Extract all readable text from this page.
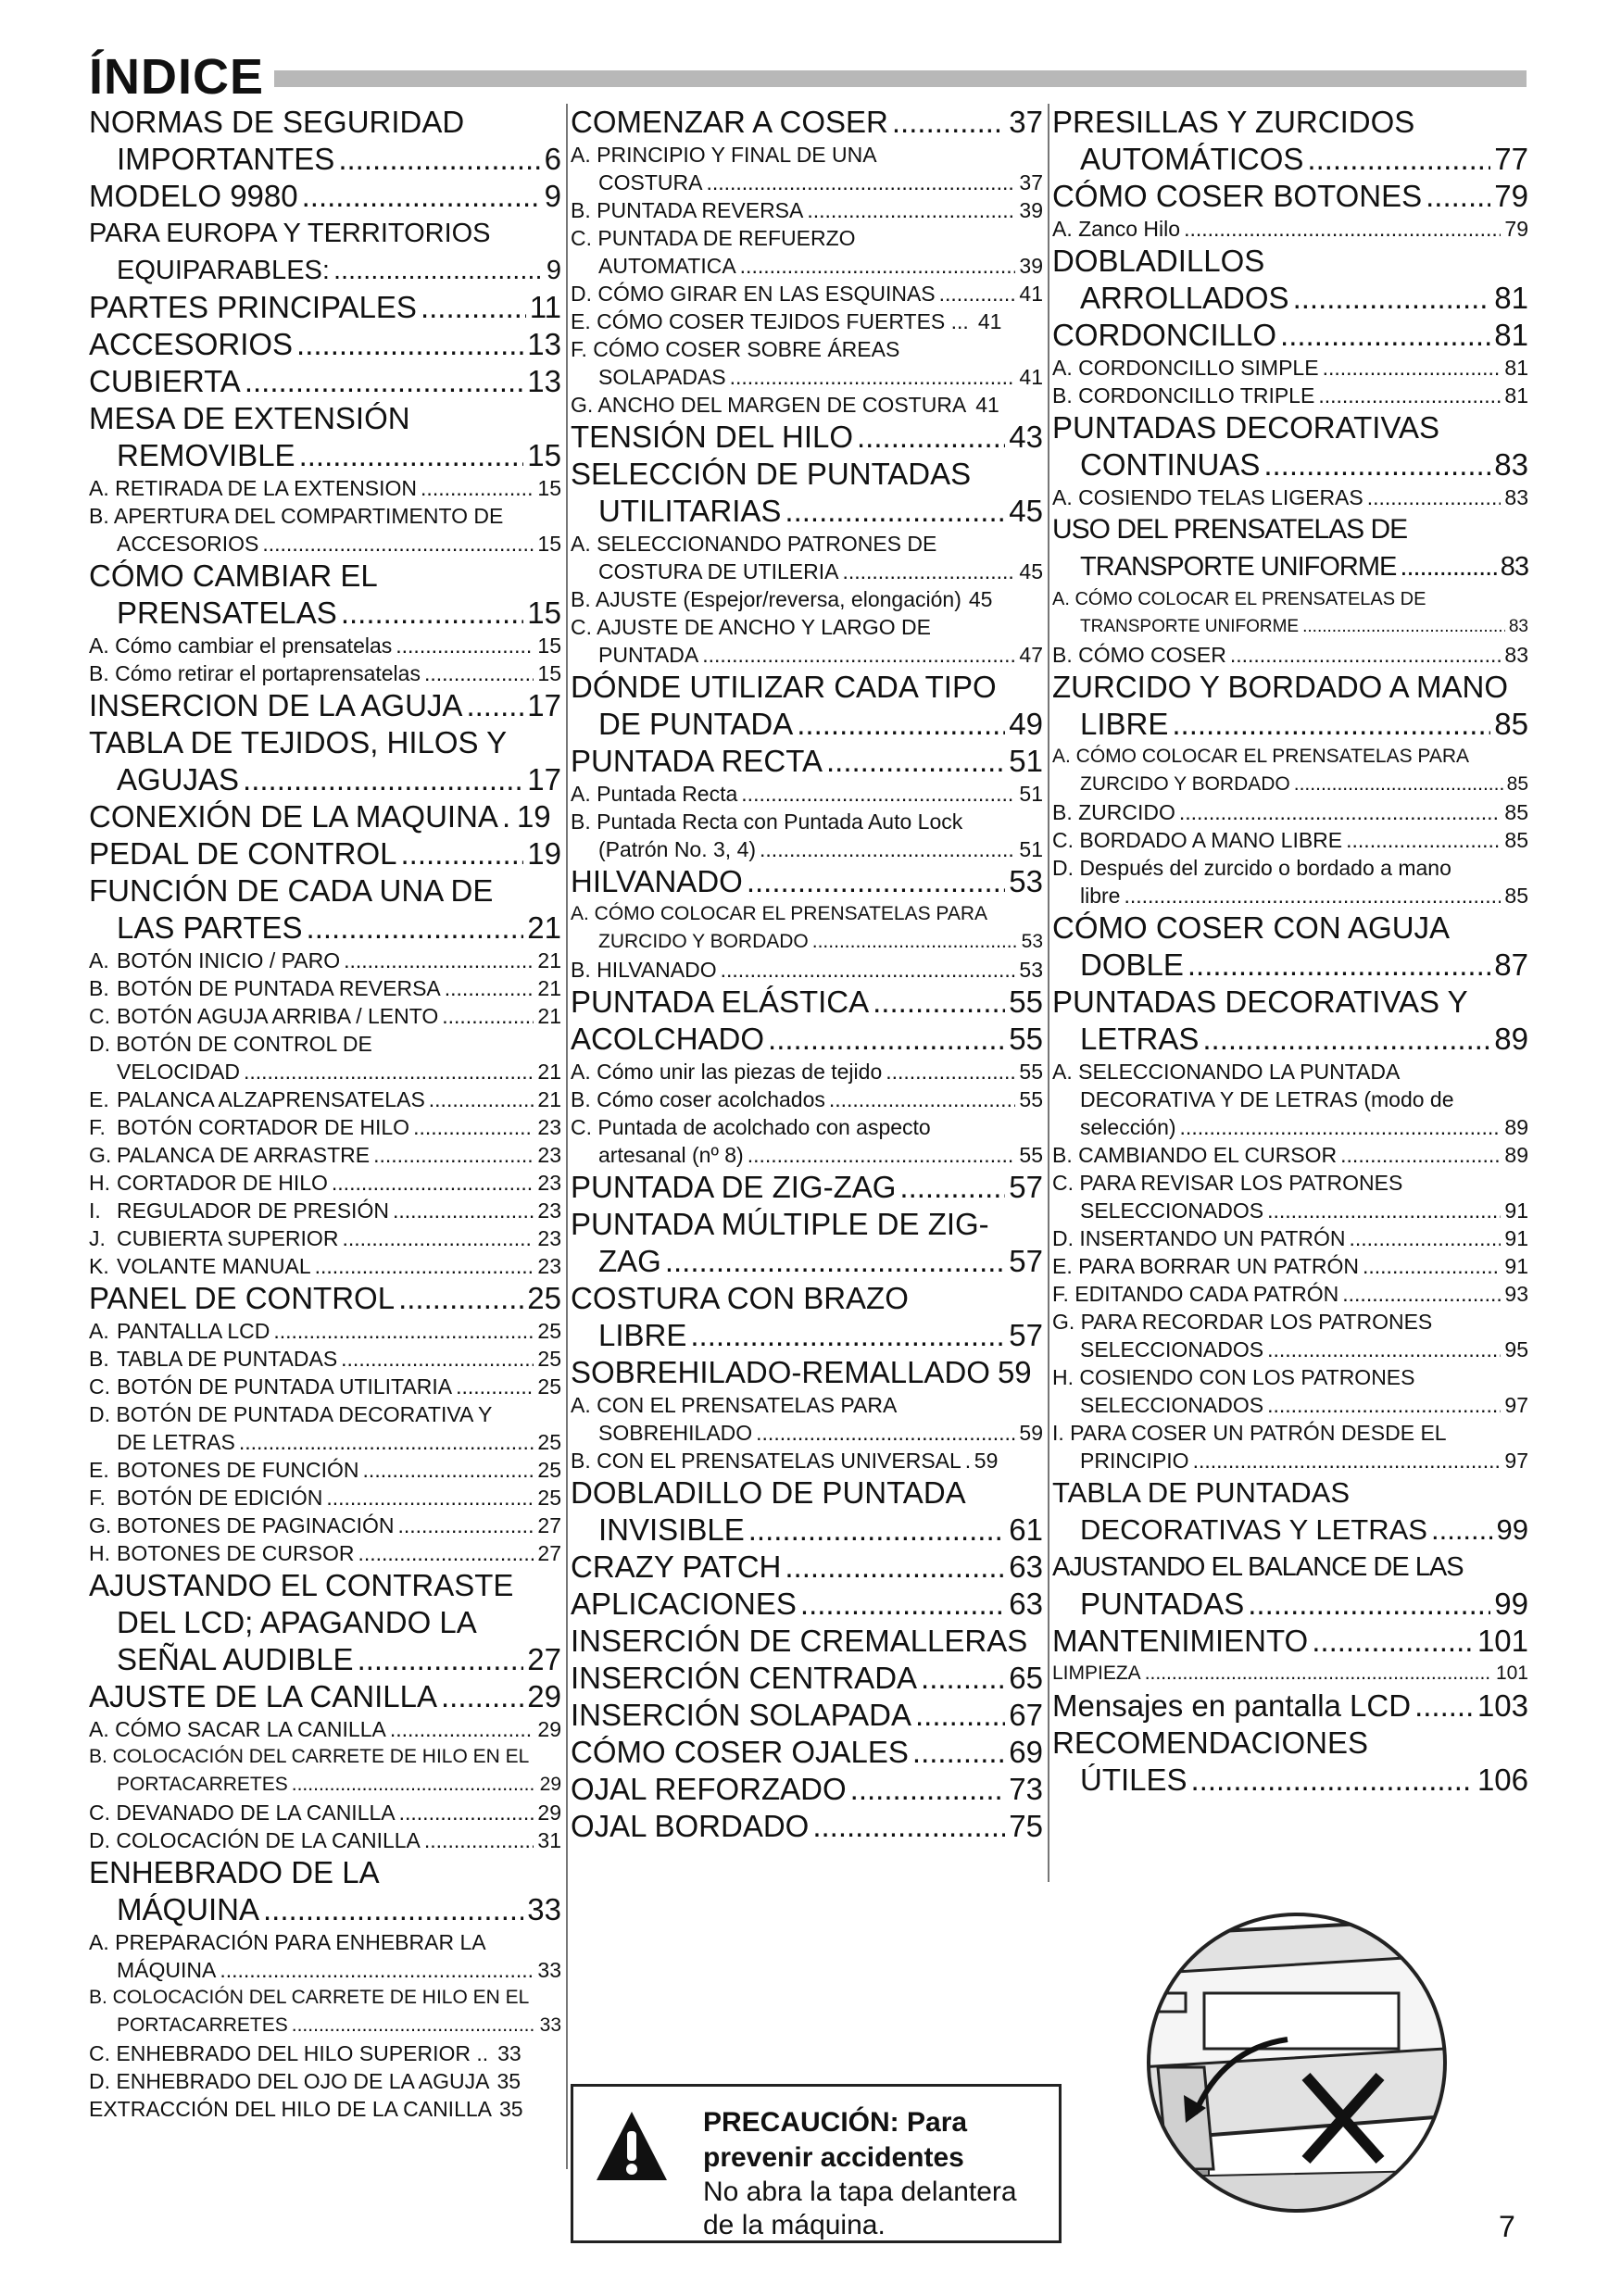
ÍNDICE
NORMAS DE SEGURIDAD
IMPORTANTES .....	6
MODELO 9980 .....	9
PARA EUROPA Y TERRITORIOS
EQUIPARABLES: .....	9
PARTES PRINCIPALES .....	11
ACCESORIOS .....	13
CUBIERTA .....	13
MESA DE EXTENSIÓN
REMOVIBLE .....	15
A. RETIRADA DE LA EXTENSION .....	15
B. APERTURA DEL COMPARTIMENTO DE
ACCESORIOS .....	15
CÓMO CAMBIAR EL
PRENSATELAS .....	15
A. Cómo cambiar el prensatelas .....	15
B. Cómo retirar el portaprensatelas .....	15
INSERCION DE LA AGUJA ..... 17
TABLA DE TEJIDOS, HILOS Y
AGUJAS .....	17
CONEXIÓN DE LA MAQUINA ..... 19
PEDAL DE CONTROL .....	19
FUNCIÓN DE CADA UNA DE
LAS PARTES .....	21
A. BOTÓN INICIO / PARO .....	21
B. BOTÓN DE PUNTADA REVERSA .....	21
C. BOTÓN AGUJA ARRIBA / LENTO .....	21
D. BOTÓN DE CONTROL DE
VELOCIDAD .....	21
E. PALANCA ALZAPRENSATELAS .....	21
F. BOTÓN CORTADOR DE HILO .....	23
G. PALANCA DE ARRASTRE .....	23
H. CORTADOR DE HILO .....	23
I. REGULADOR DE PRESIÓN .....	23
J. CUBIERTA SUPERIOR .....	23
K. VOLANTE MANUAL .....	23
PANEL DE CONTROL .....	25
A. PANTALLA LCD .....	25
B. TABLA DE PUNTADAS .....	25
C. BOTÓN DE PUNTADA UTILITARIA .....	25
D. BOTÓN DE PUNTADA DECORATIVA Y
DE LETRAS .....	25
E. BOTONES DE FUNCIÓN .....	25
F. BOTÓN DE EDICIÓN .....	25
G. BOTONES DE PAGINACIÓN .....	27
H. BOTONES DE CURSOR .....	27
AJUSTANDO EL CONTRASTE
DEL LCD; APAGANDO LA
SEÑAL AUDIBLE .....	27
AJUSTE DE LA CANILLA .....	29
A. CÓMO SACAR LA CANILLA .....	29
B. COLOCACIÓN DEL CARRETE DE HILO EN EL
PORTACARRETES .....	29
C. DEVANADO DE LA CANILLA .....	29
D. COLOCACIÓN DE LA CANILLA .....	31
ENHEBRADO DE LA
MÁQUINA .....	33
A. PREPARACIÓN PARA ENHEBRAR LA
MÁQUINA .....	33
B. COLOCACIÓN DEL CARRETE DE HILO EN EL
PORTACARRETES .....	33
C. ENHEBRADO DEL HILO SUPERIOR .. ..... 33
D. ENHEBRADO DEL OJO DE LA AGUJA 35
EXTRACCIÓN DEL HILO DE LA CANILLA 35
COMENZAR A COSER .....	37
A. PRINCIPIO Y FINAL DE UNA
COSTURA .....	37
B. PUNTADA REVERSA .....	39
C. PUNTADA DE REFUERZO
AUTOMATICA .....	39
D. CÓMO GIRAR EN LAS ESQUINAS .....	41
E. CÓMO COSER TEJIDOS FUERTES ... ..... 41
F. CÓMO COSER SOBRE ÁREAS
SOLAPADAS .....	41
G. ANCHO DEL MARGEN DE COSTURA ..... 41
TENSIÓN DEL HILO .....	43
SELECCIÓN DE PUNTADAS
UTILITARIAS .....	45
A. SELECCIONANDO PATRONES DE
COSTURA DE UTILERIA .....	45
B. AJUSTE (Espejor/reversa, elongación) 45
C. AJUSTE DE ANCHO Y LARGO DE
PUNTADA .....	47
DÓNDE UTILIZAR CADA TIPO
DE PUNTADA .....	49
PUNTADA RECTA .....	51
A. Puntada Recta .....	51
B. Puntada Recta con Puntada Auto Lock
(Patrón No. 3, 4) .....	51
HILVANADO .....	53
A. CÓMO COLOCAR EL PRENSATELAS PARA
ZURCIDO Y BORDADO .....	53
B. HILVANADO .....	53
PUNTADA ELÁSTICA .....	55
ACOLCHADO .....	55
A. Cómo unir las piezas de tejido .....	55
B. Cómo coser acolchados .....	55
C. Puntada de acolchado con aspecto
artesanal (nº 8) .....	55
PUNTADA DE ZIG-ZAG .....	57
PUNTADA MÚLTIPLE DE ZIG-
ZAG .....	57
COSTURA CON BRAZO
LIBRE .....	57
SOBREHILADO-REMALLADO 59
A. CON EL PRENSATELAS PARA
SOBREHILADO .....	59
B. CON EL PRENSATELAS UNIVERSAL ..... 59
DOBLADILLO DE PUNTADA
INVISIBLE .....	61
CRAZY PATCH .....	63
APLICACIONES .....	63
INSERCIÓN DE CREMALLERAS
INSERCIÓN CENTRADA .....	65
INSERCIÓN SOLAPADA .....	67
CÓMO COSER OJALES .....	69
OJAL REFORZADO .....	73
OJAL BORDADO .....	75
PRESILLAS Y ZURCIDOS
AUTOMÁTICOS .....	77
CÓMO COSER BOTONES ..... 79
A. Zanco Hilo .....	79
DOBLADILLOS
ARROLLADOS .....	81
CORDONCILLO .....	81
A. CORDONCILLO SIMPLE .....	81
B. CORDONCILLO TRIPLE .....	81
PUNTADAS DECORATIVAS
CONTINUAS .....	83
A. COSIENDO TELAS LIGERAS .....	83
USO DEL PRENSATELAS DE
TRANSPORTE UNIFORME .....	83
A. CÓMO COLOCAR EL PRENSATELAS DE
TRANSPORTE UNIFORME .....	83
B. CÓMO COSER .....	83
ZURCIDO Y BORDADO A MANO
LIBRE .....	85
A. CÓMO COLOCAR EL PRENSATELAS PARA
ZURCIDO Y BORDADO .....	85
B. ZURCIDO .....	85
C. BORDADO A MANO LIBRE .....	85
D. Después del zurcido o bordado a mano
libre .....	85
CÓMO COSER CON AGUJA
DOBLE .....	87
PUNTADAS DECORATIVAS Y
LETRAS .....	89
A. SELECCIONANDO LA PUNTADA
DECORATIVA Y DE LETRAS (modo de
selección) .....	89
B. CAMBIANDO EL CURSOR .....	89
C. PARA REVISAR LOS PATRONES
SELECCIONADOS .....	91
D. INSERTANDO UN PATRÓN .....	91
E. PARA BORRAR UN PATRÓN .....	91
F. EDITANDO CADA PATRÓN .....	93
G. PARA RECORDAR LOS PATRONES
SELECCIONADOS .....	95
H. COSIENDO CON LOS PATRONES
SELECCIONADOS .....	97
I. PARA COSER UN PATRÓN DESDE EL
PRINCIPIO .....	97
TABLA DE PUNTADAS
DECORATIVAS Y LETRAS ..... 99
AJUSTANDO EL BALANCE DE LAS
PUNTADAS .....	99
MANTENIMIENTO .....	101
LIMPIEZA .....	101
Mensajes en pantalla LCD ..... 103
RECOMENDACIONES
ÚTILES .....	106
PRECAUCIÓN: Para
prevenir accidentes
No abra la tapa delantera
de la máquina.	7
